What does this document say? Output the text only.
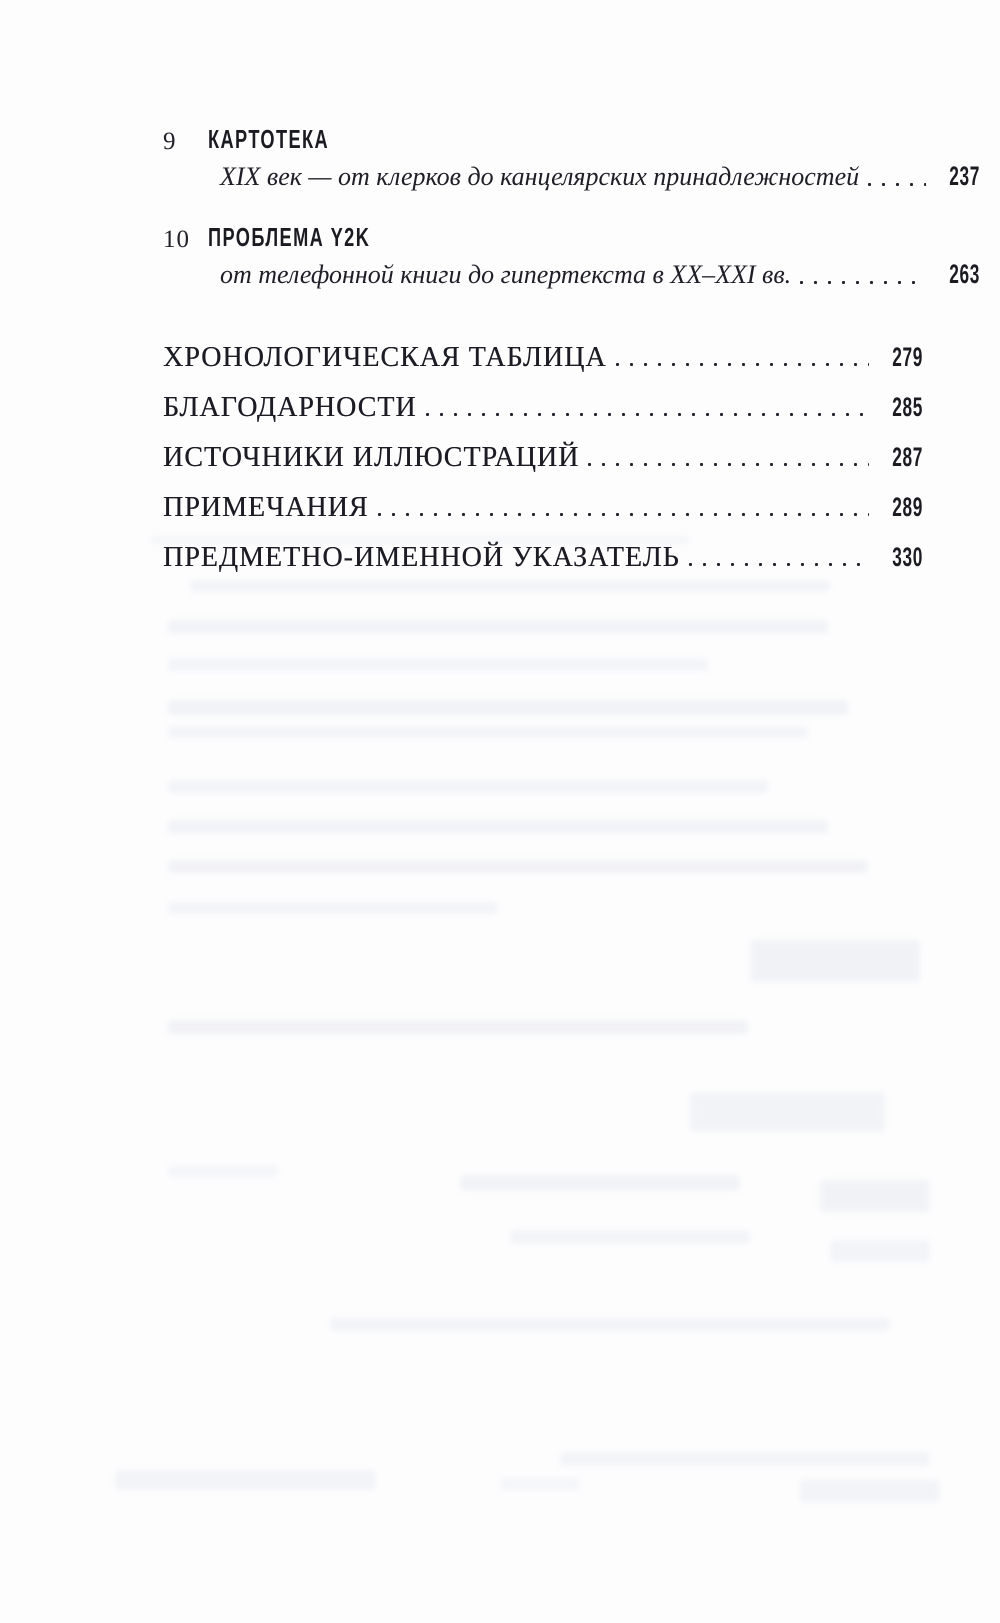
9	КАРТОТЕКА
XIX век — от клерков до канцелярских принадлежностей	237
10 ПРОБЛЕМА Y2K
от телефонной книги до гипертекста в XX–XXI вв.	263
ХРОНОЛОГИЧЕСКАЯ ТАБЛИЦА	279
БЛАГОДАРНОСТИ	285
ИСТОЧНИКИ ИЛЛЮСТРАЦИЙ	287
ПРИМЕЧАНИЯ	289
ПРЕДМЕТНО-ИМЕННОЙ УКАЗАТЕЛЬ	330
